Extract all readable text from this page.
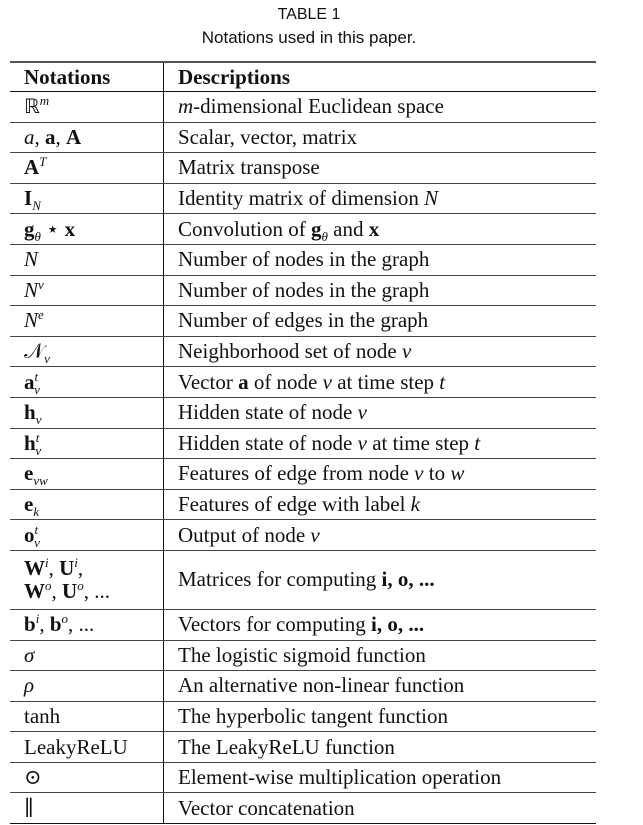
TABLE 1
Notations used in this paper.
Notations	Descriptions
ℝ$^m$	m-dimensional Euclidean space
a, a, A	Scalar, vector, matrix
$A^T$	Matrix transpose
$I_N$	Identity matrix of dimension N
$g_\theta$ ⋆ x	Convolution of $g_\theta$ and x
N	Number of nodes in the graph
$N^v$	Number of nodes in the graph
$N^e$	Number of edges in the graph
𝒩$_v$	Neighborhood set of node v
$a^t_v$	Vector a of node v at time step t
$h_v$	Hidden state of node v
$h^t_v$	Hidden state of node v at time step t
$e_{vw}$	Features of edge from node v to w
$e_k$	Features of edge with label k
$o^t_v$	Output of node v
$W^i$, $U^i$,
$W^o$, $U^o$, ...	Matrices for computing i, o, ...
$b^i$, $b^o$, ...	Vectors for computing i, o, ...
σ	The logistic sigmoid function
ρ	An alternative non-linear function
tanh	The hyperbolic tangent function
LeakyReLU	The LeakyReLU function
⊙	Element-wise multiplication operation
∥	Vector concatenation
